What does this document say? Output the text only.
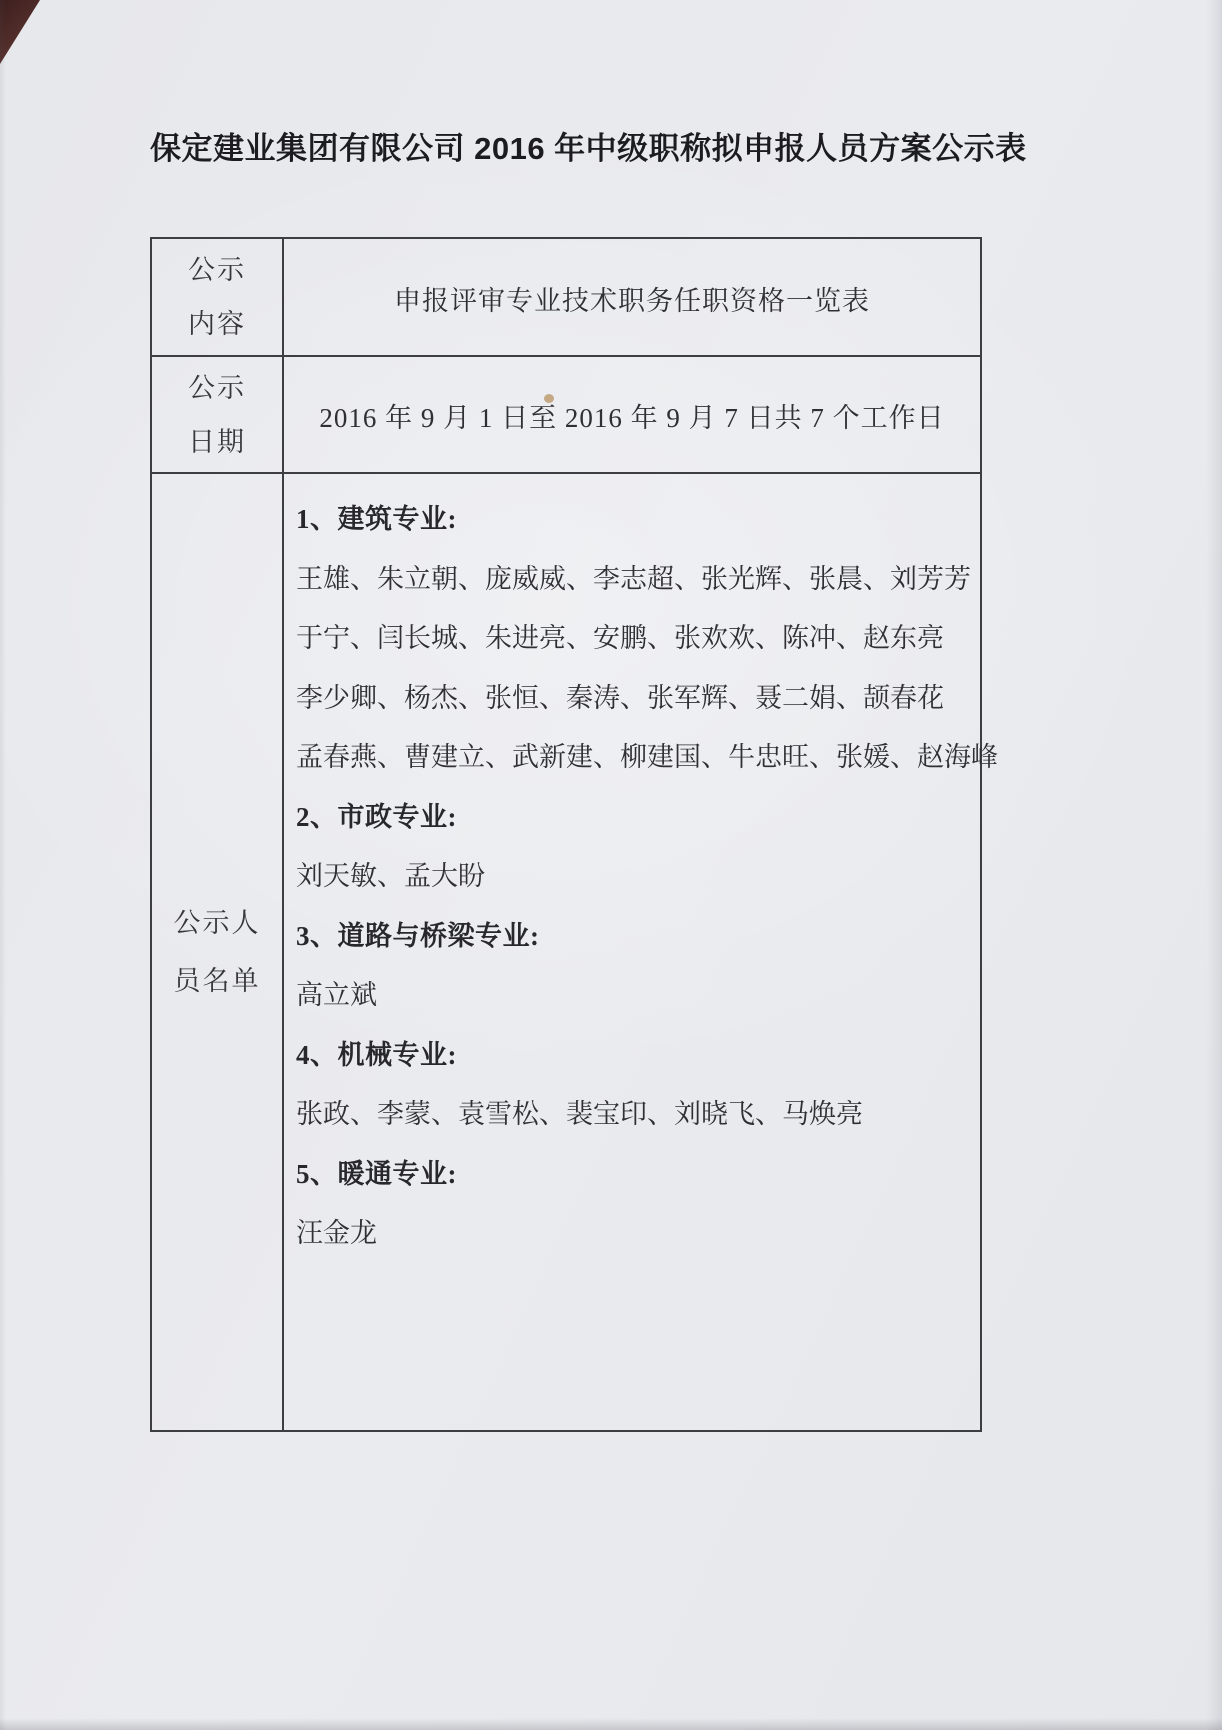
保定建业集团有限公司 2016 年中级职称拟申报人员方案公示表
公示
内容
申报评审专业技术职务任职资格一览表
公示
日期
2016 年 9 月 1 日至 2016 年 9 月 7 日共 7 个工作日
公示人
员名单
1、建筑专业:
王雄、朱立朝、庞威威、李志超、张光辉、张晨、刘芳芳
于宁、闫长城、朱进亮、安鹏、张欢欢、陈冲、赵东亮
李少卿、杨杰、张恒、秦涛、张军辉、聂二娟、颉春花
孟春燕、曹建立、武新建、柳建国、牛忠旺、张媛、赵海峰
2、市政专业:
刘天敏、孟大盼
3、道路与桥梁专业:
高立斌
4、机械专业:
张政、李蒙、袁雪松、裴宝印、刘晓飞、马焕亮
5、暖通专业:
汪金龙
